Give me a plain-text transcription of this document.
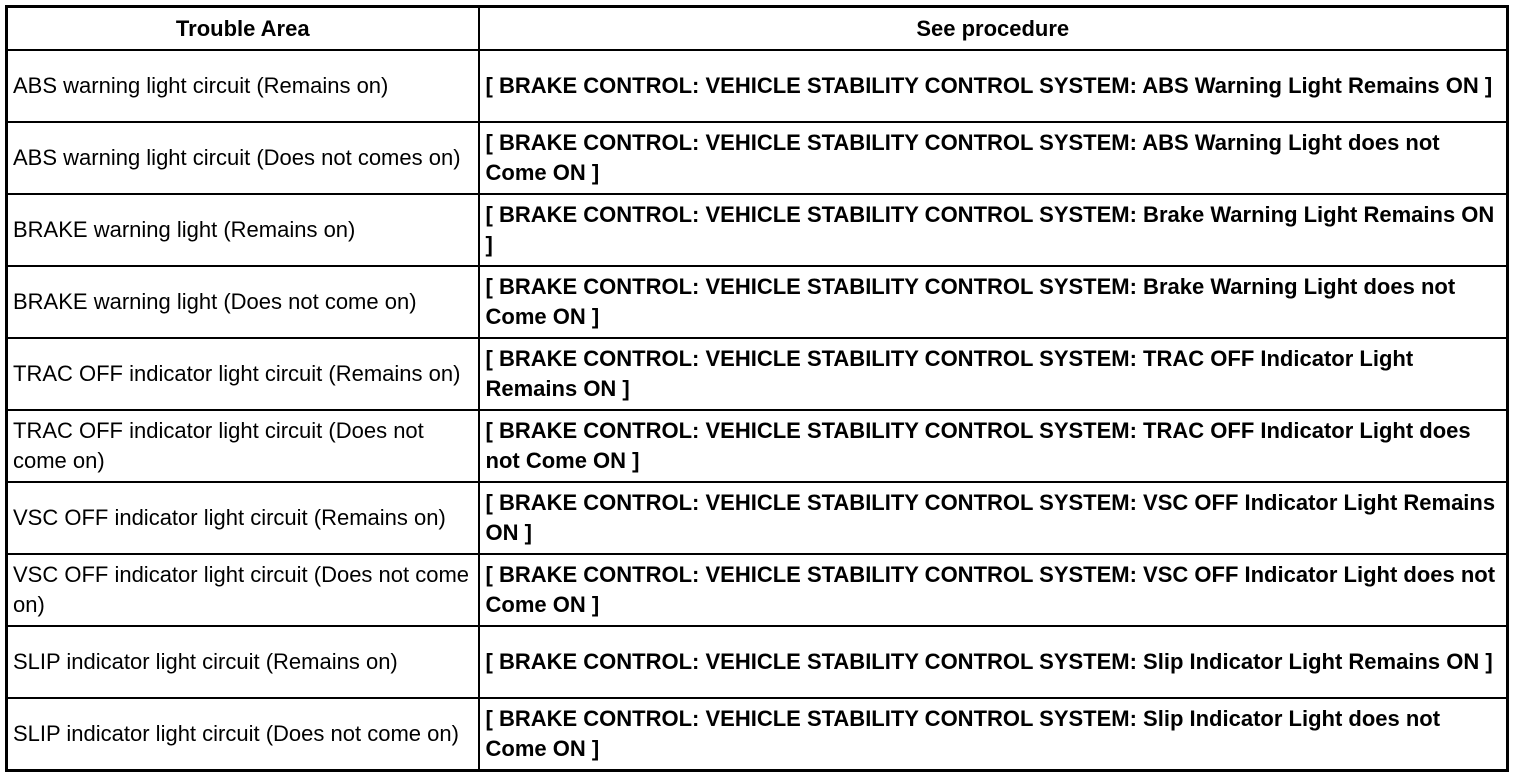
Trouble Area	See procedure
ABS warning light circuit (Remains on)	[ BRAKE CONTROL: VEHICLE STABILITY CONTROL SYSTEM: ABS Warning Light Remains ON ]
ABS warning light circuit (Does not comes on)	[ BRAKE CONTROL: VEHICLE STABILITY CONTROL SYSTEM: ABS Warning Light does not Come ON ]
BRAKE warning light (Remains on)	[ BRAKE CONTROL: VEHICLE STABILITY CONTROL SYSTEM: Brake Warning Light Remains ON ]
BRAKE warning light (Does not come on)	[ BRAKE CONTROL: VEHICLE STABILITY CONTROL SYSTEM: Brake Warning Light does not Come ON ]
TRAC OFF indicator light circuit (Remains on)	[ BRAKE CONTROL: VEHICLE STABILITY CONTROL SYSTEM: TRAC OFF Indicator Light Remains ON ]
TRAC OFF indicator light circuit (Does not come on)	[ BRAKE CONTROL: VEHICLE STABILITY CONTROL SYSTEM: TRAC OFF Indicator Light does not Come ON ]
VSC OFF indicator light circuit (Remains on)	[ BRAKE CONTROL: VEHICLE STABILITY CONTROL SYSTEM: VSC OFF Indicator Light Remains ON ]
VSC OFF indicator light circuit (Does not come on)	[ BRAKE CONTROL: VEHICLE STABILITY CONTROL SYSTEM: VSC OFF Indicator Light does not Come ON ]
SLIP indicator light circuit (Remains on)	[ BRAKE CONTROL: VEHICLE STABILITY CONTROL SYSTEM: Slip Indicator Light Remains ON ]
SLIP indicator light circuit (Does not come on)	[ BRAKE CONTROL: VEHICLE STABILITY CONTROL SYSTEM: Slip Indicator Light does not Come ON ]
